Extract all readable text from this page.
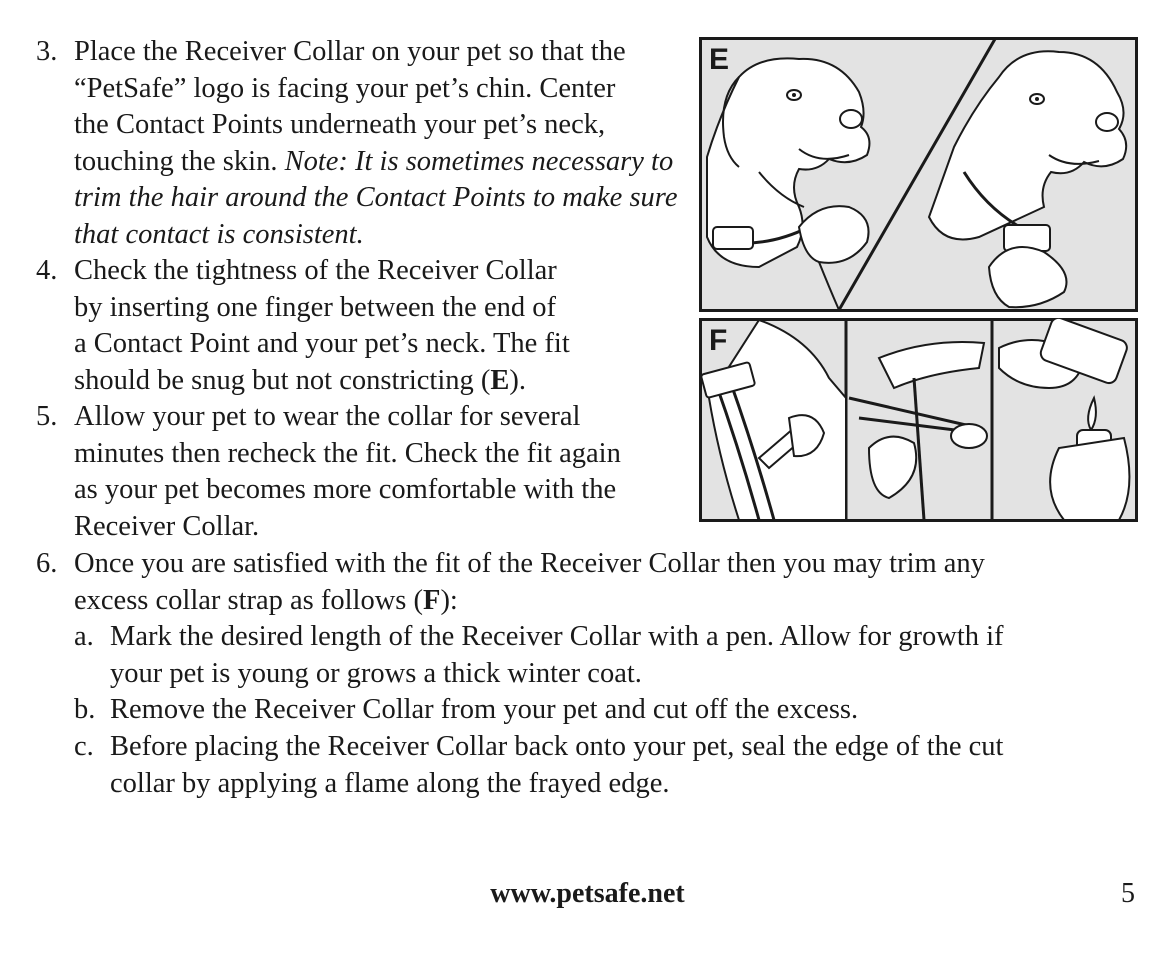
3. Place the Receiver Collar on your pet so that the
“PetSafe” logo is facing your pet’s chin. Center
the Contact Points underneath your pet’s neck,
touching the skin. Note: It is sometimes necessary to
trim the hair around the Contact Points to make sure
that contact is consistent.
4. Check the tightness of the Receiver Collar
by inserting one finger between the end of
a Contact Point and your pet’s neck. The fit
should be snug but not constricting (E).
5. Allow your pet to wear the collar for several
minutes then recheck the fit. Check the fit again
as your pet becomes more comfortable with the
Receiver Collar.
6. Once you are satisfied with the fit of the Receiver Collar then you may trim any
excess collar strap as follows (F):
a. Mark the desired length of the Receiver Collar with a pen. Allow for growth if
your pet is young or grows a thick winter coat.
b. Remove the Receiver Collar from your pet and cut off the excess.
c. Before placing the Receiver Collar back onto your pet, seal the edge of the cut
collar by applying a flame along the frayed edge.
E
F
www.petsafe.net	5
